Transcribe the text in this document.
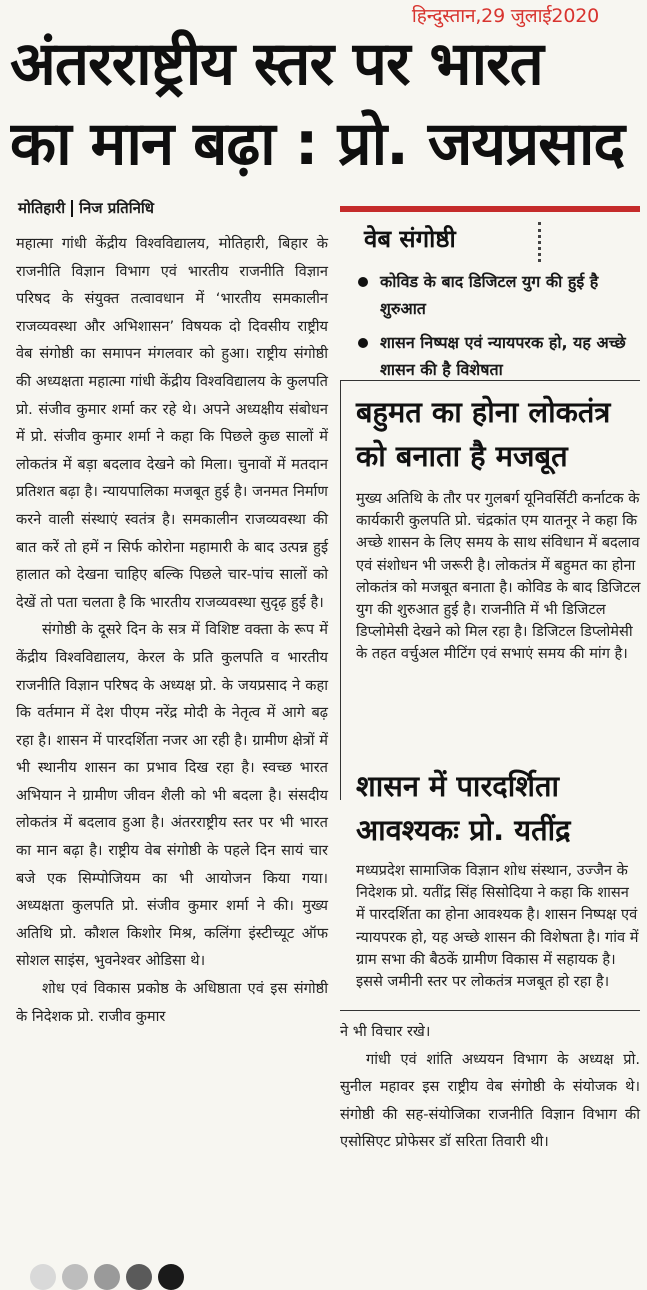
हिन्दुस्तान,29 जुलाई2020
अंतरराष्ट्रीय स्तर पर भारत
का मान बढ़ा : प्रो. जयप्रसाद
मोतिहारी निज प्रतिनिधि

महात्मा गांधी केंद्रीय विश्वविद्यालय, मोतिहारी, बिहार के राजनीति विज्ञान विभाग एवं भारतीय राजनीति विज्ञान परिषद के संयुक्त तत्वावधान में ‘भारतीय समकालीन राजव्यवस्था और अभिशासन’ विषयक दो दिवसीय राष्ट्रीय वेब संगोष्ठी का समापन मंगलवार को हुआ। राष्ट्रीय संगोष्ठी की अध्यक्षता महात्मा गांधी केंद्रीय विश्वविद्यालय के कुलपति प्रो. संजीव कुमार शर्मा कर रहे थे। अपने अध्यक्षीय संबोधन में प्रो. संजीव कुमार शर्मा ने कहा कि पिछले कुछ सालों में लोकतंत्र में बड़ा बदलाव देखने को मिला। चुनावों में मतदान प्रतिशत बढ़ा है। न्यायपालिका मजबूत हुई है। जनमत निर्माण करने वाली संस्थाएं स्वतंत्र है। समकालीन राजव्यवस्था की बात करें तो हमें न सिर्फ कोरोना महामारी के बाद उत्पन्न हुई हालात को देखना चाहिए बल्कि पिछले चार-पांच सालों को देखें तो पता चलता है कि भारतीय राजव्यवस्था सुदृढ़ हुई है।

संगोष्ठी के दूसरे दिन के सत्र में विशिष्ट वक्ता के रूप में केंद्रीय विश्वविद्यालय, केरल के प्रति कुलपति व भारतीय राजनीति विज्ञान परिषद के अध्यक्ष प्रो. के जयप्रसाद ने कहा कि वर्तमान में देश पीएम नरेंद्र मोदी के नेतृत्व में आगे बढ़ रहा है। शासन में पारदर्शिता नजर आ रही है। ग्रामीण क्षेत्रों में भी स्थानीय शासन का प्रभाव दिख रहा है। स्वच्छ भारत अभियान ने ग्रामीण जीवन शैली को भी बदला है। संसदीय लोकतंत्र में बदलाव हुआ है। अंतरराष्ट्रीय स्तर पर भी भारत का मान बढ़ा है। राष्ट्रीय वेब संगोष्ठी के पहले दिन सायं चार बजे एक सिम्पोजियम का भी आयोजन किया गया। अध्यक्षता कुलपति प्रो. संजीव कुमार शर्मा ने की। मुख्य अतिथि प्रो. कौशल किशोर मिश्र, कलिंगा इंस्टीच्यूट ऑफ सोशल साइंस, भुवनेश्वर ओडिसा थे।

शोध एवं विकास प्रकोष्ठ के अधिष्ठाता एवं इस संगोष्ठी के निदेशक प्रो. राजीव कुमार

वेब संगोष्ठी
कोविड के बाद डिजिटल युग की हुई है शुरुआत
शासन निष्पक्ष एवं न्यायपरक हो, यह अच्छे शासन की है विशेषता
बहुमत का होना लोकतंत्र को बनाता है मजबूत
मुख्य अतिथि के तौर पर गुलबर्ग यूनिवर्सिटी कर्नाटक के कार्यकारी कुलपति प्रो. चंद्रकांत एम यातनूर ने कहा कि अच्छे शासन के लिए समय के साथ संविधान में बदलाव एवं संशोधन भी जरूरी है। लोकतंत्र में बहुमत का होना लोकतंत्र को मजबूत बनाता है। कोविड के बाद डिजिटल युग की शुरुआत हुई है। राजनीति में भी डिजिटल डिप्लोमेसी देखने को मिल रहा है। डिजिटल डिप्लोमेसी के तहत वर्चुअल मीटिंग एवं सभाएं समय की मांग है।
शासन में पारदर्शिता आवश्यकः प्रो. यतींद्र
मध्यप्रदेश सामाजिक विज्ञान शोध संस्थान, उज्जैन के निदेशक प्रो. यतींद्र सिंह सिसोदिया ने कहा कि शासन में पारदर्शिता का होना आवश्यक है। शासन निष्पक्ष एवं न्यायपरक हो, यह अच्छे शासन की विशेषता है। गांव में ग्राम सभा की बैठकें ग्रामीण विकास में सहायक है। इससे जमीनी स्तर पर लोकतंत्र मजबूत हो रहा है।

ने भी विचार रखे।

गांधी एवं शांति अध्ययन विभाग के अध्यक्ष प्रो. सुनील महावर इस राष्ट्रीय वेब संगोष्ठी के संयोजक थे। संगोष्ठी की सह-संयोजिका राजनीति विज्ञान विभाग की एसोसिएट प्रोफेसर डॉ सरिता तिवारी थी।
